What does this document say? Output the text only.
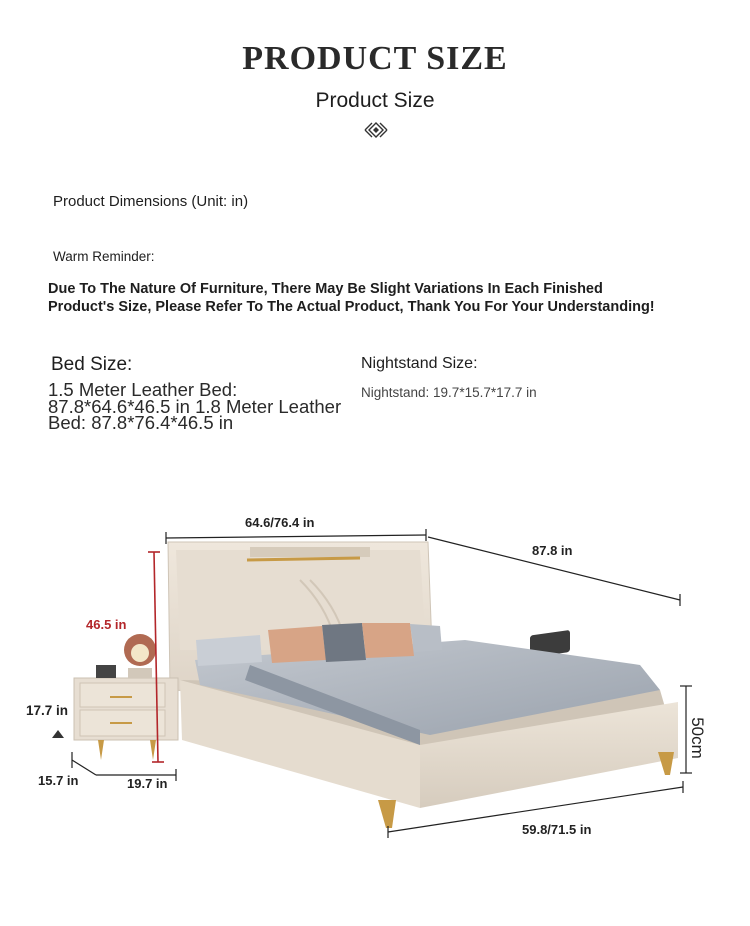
PRODUCT SIZE
Product Size
Product Dimensions (Unit: in)
Warm Reminder:
Due To The Nature Of Furniture, There May Be Slight Variations In Each Finished Product's Size, Please Refer To The Actual Product, Thank You For Your Understanding!
Bed Size:
1.5 Meter Leather Bed: 87.8*64.6*46.5 in 1.8 Meter Leather Bed: 87.8*76.4*46.5 in
Nightstand Size:
Nightstand: 19.7*15.7*17.7 in
64.6/76.4 in
87.8 in
46.5 in
50cm
59.8/71.5 in
17.7 in
15.7 in	19.7 in
